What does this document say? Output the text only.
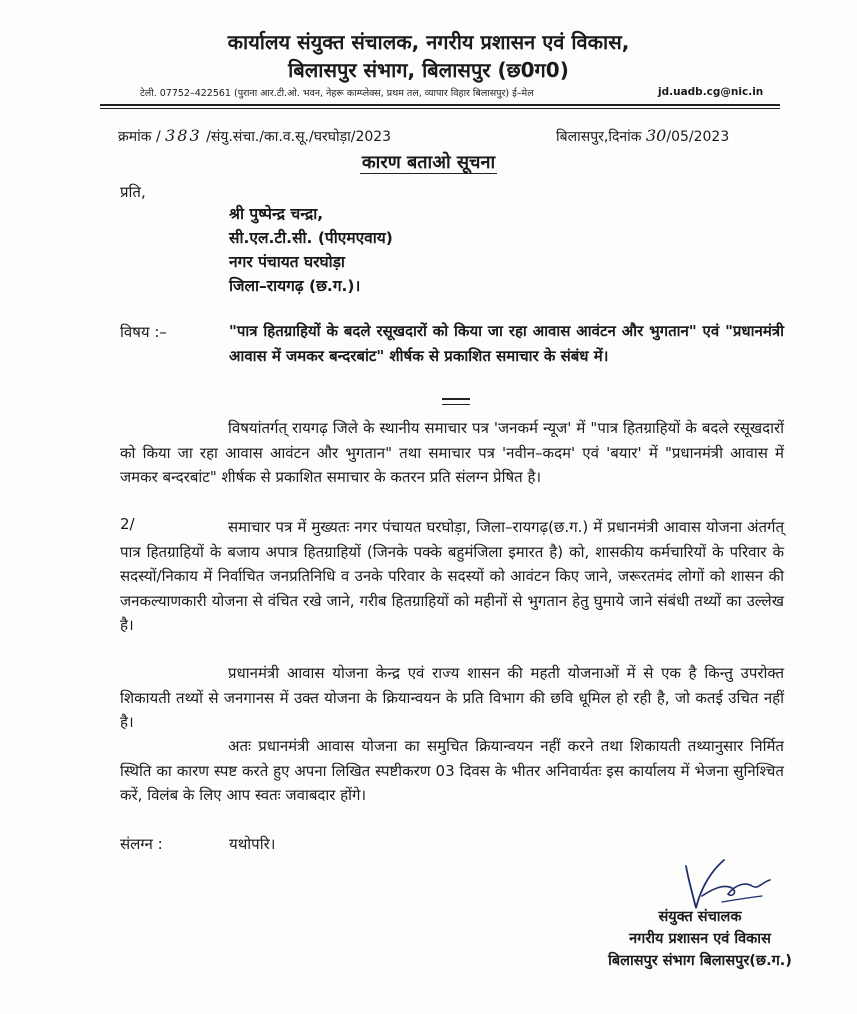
कार्यालय संयुक्त संचालक, नगरीय प्रशासन एवं विकास,
बिलासपुर संभाग, बिलासपुर (छ0ग0)
टेली. 07752–422561 (पुराना आर.टी.ओ. भवन, नेहरू काम्प्लेक्स, प्रथम तल, व्यापार विहार बिलासपुर) ई–मेल	jd.uadb.cg@nic.in
क्रमांक / 383 /संयु.संचा./का.व.सू./घरघोड़ा/2023	बिलासपुर,दिनांक 30/05/2023
कारण बताओ सूचना
प्रति,
श्री पुष्पेन्द्र चन्द्रा,
सी.एल.टी.सी. (पीएमएवाय)
नगर पंचायत घरघोड़ा
जिला–रायगढ़ (छ.ग.)।
विषय :–	"पात्र हितग्राहियों के बदले रसूखदारों को किया जा रहा आवास आवंटन और भुगतान" एवं "प्रधानमंत्री आवास में जमकर बन्दरबांट" शीर्षक से प्रकाशित समाचार के संबंध में।
विषयांतर्गत् रायगढ़ जिले के स्थानीय समाचार पत्र 'जनकर्म न्यूज' में "पात्र हितग्राहियों के बदले रसूखदारों को किया जा रहा आवास आवंटन और भुगतान" तथा समाचार पत्र 'नवीन–कदम' एवं 'बयार' में "प्रधानमंत्री आवास में जमकर बन्दरबांट" शीर्षक से प्रकाशित समाचार के कतरन प्रति संलग्न प्रेषित है।
2/	समाचार पत्र में मुख्यतः नगर पंचायत घरघोड़ा, जिला–रायगढ़(छ.ग.) में प्रधानमंत्री आवास योजना अंतर्गत् पात्र हितग्राहियों के बजाय अपात्र हितग्राहियों (जिनके पक्के बहुमंजिला इमारत है) को, शासकीय कर्मचारियों के परिवार के सदस्यों/निकाय में निर्वाचित जनप्रतिनिधि व उनके परिवार के सदस्यों को आवंटन किए जाने, जरूरतमंद लोगों को शासन की जनकल्याणकारी योजना से वंचित रखे जाने, गरीब हितग्राहियों को महीनों से भुगतान हेतु घुमाये जाने संबंधी तथ्यों का उल्लेख है।
प्रधानमंत्री आवास योजना केन्द्र एवं राज्य शासन की महती योजनाओं में से एक है किन्तु उपरोक्त शिकायती तथ्यों से जनगानस में उक्त योजना के क्रियान्वयन के प्रति विभाग की छवि धूमिल हो रही है, जो कतई उचित नहीं है।
अतः प्रधानमंत्री आवास योजना का समुचित क्रियान्वयन नहीं करने तथा शिकायती तथ्यानुसार निर्मित स्थिति का कारण स्पष्ट करते हुए अपना लिखित स्पष्टीकरण 03 दिवस के भीतर अनिवार्यतः इस कार्यालय में भेजना सुनिश्चित करें, विलंब के लिए आप स्वतः जवाबदार होंगे।
संलग्न :	यथोपरि।
संयुक्त संचालक
नगरीय प्रशासन एवं विकास
बिलासपुर संभाग बिलासपुर(छ.ग.)
